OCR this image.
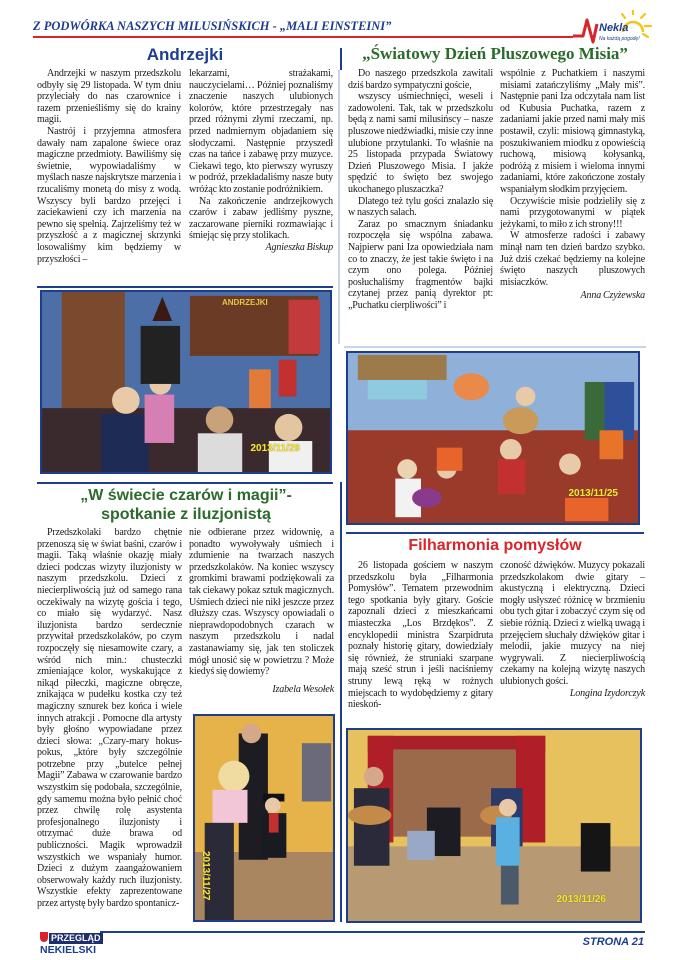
Z PODWÓRKA NASZYCH MILUSIŃSKICH - „MALI EINSTEINI”	Nekla
Na każdą pogodę!
Andrzejki

Andrzejki w naszym przedszkolu odbyły się 29 listopada. W tym dniu przyleciały do nas czarownice i razem przenieśliśmy się do krainy magii.

Nastrój i przyjemna atmosfera dawały nam zapalone świece oraz magiczne przedmioty. Bawiliśmy się świetnie, wypowiadaliśmy w myślach nasze najskrytsze marzenia i rzucaliśmy monetą do misy z wodą. Wszyscy byli bardzo przejęci i zaciekawieni czy ich marzenia na pewno się spełnią. Zajrzeliśmy też w przyszłość a z magicznej skrzynki losowaliśmy kim będziemy w przyszłości –

lekarzami, strażakami, nauczycielami… Później poznaliśmy znaczenie naszych ulubionych kolorów, które przestrzegały nas przed różnymi złymi rzeczami, np. przed nadmiernym objadaniem się słodyczami. Następnie przyszedł czas na tańce i zabawę przy muzyce. Ciekawi tego, kto pierwszy wyruszy w podróż, przekładaliśmy nasze buty wróżąc kto zostanie podróżnikiem.

Na zakończenie andrzejkowych czarów i zabaw jedliśmy pyszne, zaczarowane pierniki rozmawiając i śmiejąc się przy stolikach.

Agnieszka Biskup
2013/11/29
ANDRZEJKI
„Światowy Dzień Pluszowego Misia”

Do naszego przedszkola zawitali dziś bardzo sympatyczni goście,

wszyscy uśmiechnięci, weseli i zadowoleni. Tak, tak w przedszkolu będą z nami sami milusińscy – nasze pluszowe niedźwiadki, misie czy inne ulubione przytulanki. To właśnie na 25 listopada przypada Światowy Dzień Pluszowego Misia. I jakże spędzić to święto bez swojego ukochanego pluszaczka?

Dlatego też tylu gości znalazło się w naszych salach.

Zaraz po smacznym śniadanku rozpoczęła się wspólna zabawa. Najpierw pani Iza opowiedziała nam co to znaczy, że jest takie święto i na czym ono polega. Później posłuchaliśmy fragmentów bajki czytanej przez panią dyrektor pt: „Puchatku cierpliwości” i

wspólnie z Puchatkiem i naszymi misiami zatańczyliśmy „Mały miś”. Następnie pani Iza odczytała nam list od Kubusia Puchatka, razem z zadaniami jakie przed nami mały miś postawił, czyli: misiową gimnastyką, poszukiwaniem miodku z opowieścią ruchową, misiową kołysanką, podróżą z misiem i wieloma innymi zadaniami, które zakończone zostały wspaniałym słodkim przyjęciem.

Oczywiście misie podzieliły się z nami przygotowanymi w piątek jeżykami, to miło z ich strony!!!

W atmosferze radości i zabawy minął nam ten dzień bardzo szybko. Już dziś czekać będziemy na kolejne święto naszych pluszowych misiaczków.

Anna Czyżewska
2013/11/25
„W świecie czarów i magii”-
spotkanie z iluzjonistą

Przedszkolaki bardzo chętnie przenoszą się w świat baśni, czarów i magii. Taką właśnie okazję miały dzieci podczas wizyty iluzjonisty w naszym przedszkolu. Dzieci z niecierpliwością już od samego rana oczekiwały na wizytę gościa i tego, co miało się wydarzyć. Nasz iluzjonista bardzo serdecznie przywitał przedszkolaków, po czym rozpoczęły się niesamowite czary, a wśród nich min.: chusteczki zmieniające kolor, wyskakujące z nikąd piłeczki, magiczne obręcze, znikająca w pudełku kostka czy też magiczny sznurek bez końca i wiele innych atrakcji . Pomocne dla artysty były głośno wypowiadane przez dzieci słowa: „Czary-mary hokus-pokus, „które były szczególnie potrzebne przy „butelce pełnej Magii” Zabawa w czarowanie bardzo wszystkim się podobała, szczególnie, gdy samemu można było pełnić choć przez chwilę rolę asystenta profesjonalnego iluzjonisty i otrzymać duże brawa od publiczności. Magik wprowadził wszystkich we wspaniały humor. Dzieci z dużym zaangażowaniem obserwowały każdy ruch iluzjonisty. Wszystkie efekty zaprezentowane przez artystę były bardzo spontanicz-

nie odbierane przez widownię, a ponadto wywoływały uśmiech i zdumienie na twarzach naszych przedszkolaków. Na koniec wszyscy gromkimi brawami podziękowali za tak ciekawy pokaz sztuk magicznych. Uśmiech dzieci nie nikł jeszcze przez dłuższy czas. Wszyscy opowiadali o nieprawdopodobnych czarach w naszym przedszkolu i nadal zastanawiamy się, jak ten stoliczek mógł unosić się w powietrzu ? Może kiedyś się dowiemy?

Izabela Wesołek
2013/11/27
Filharmonia pomysłów

26 listopada gościem w naszym przedszkolu była „Filharmonia Pomysłów”. Tematem przewodnim tego spotkania były gitary. Goście zapoznali dzieci z mieszkańcami miasteczka „Los Brzdękos”. Z encyklopedii ministra Szarpidruta poznały historię gitary, dowiedziały się również, że struniaki szarpane mają sześć strun i jeśli naciśniemy struny lewą ręką w rożnych miejscach to wydobędziemy z gitary nieskoń-

czoność dźwięków. Muzycy pokazali przedszkolakom dwie gitary – akustyczną i elektryczną. Dzieci mogły usłyszeć różnicę w brzmieniu obu tych gitar i zobaczyć czym się od siebie różnią. Dzieci z wielką uwagą i przejęciem słuchały dźwięków gitar i melodii, jakie muzycy na niej wygrywali. Z niecierpliwością czekamy na kolejną wizytę naszych ulubionych gości.

Longina Izydorczyk
2013/11/26
PRZEGLĄD
NEKIELSKI
STRONA 21
